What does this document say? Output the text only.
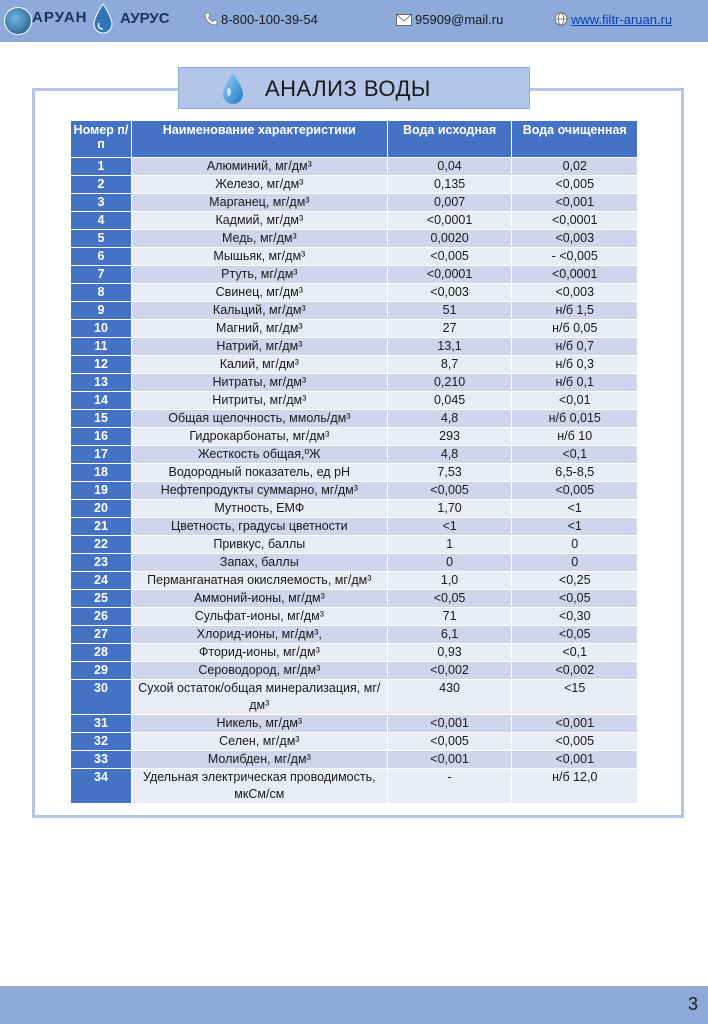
АРУАН АУРУС	8-800-100-39-54	95909@mail.ru	www.filtr-aruan.ru
АНАЛИЗ ВОДЫ
Номер п/п	Наименование характеристики	Вода исходная	Вода очищенная
1	Алюминий, мг/дм³	0,04	0,02
2	Железо, мг/дм³	0,135	<0,005
3	Марганец, мг/дм³	0,007	<0,001
4	Кадмий, мг/дм³	<0,0001	<0,0001
5	Медь, мг/дм³	0,0020	<0,003
6	Мышьяк, мг/дм³	<0,005	- <0,005
7	Ртуть, мг/дм³	<0,0001	<0,0001
8	Свинец, мг/дм³	<0,003	<0,003
9	Кальций, мг/дм³	51	н/б 1,5
10	Магний, мг/дм³	27	н/б 0,05
11	Натрий, мг/дм³	13,1	н/б 0,7
12	Калий, мг/дм³	8,7	н/б 0,3
13	Нитраты, мг/дм³	0,210	н/б 0,1
14	Нитриты, мг/дм³	0,045	<0,01
15	Общая щелочность, ммоль/дм³	4,8	н/б 0,015
16	Гидрокарбонаты, мг/дм³	293	н/б 10
17	Жесткость общая,ºЖ	4,8	<0,1
18	Водородный показатель, ед pH	7,53	6,5-8,5
19	Нефтепродукты суммарно, мг/дм³	<0,005	<0,005
20	Мутность, ЕМФ	1,70	<1
21	Цветность, градусы цветности	<1	<1
22	Привкус, баллы	1	0
23	Запах, баллы	0	0
24	Перманганатная окисляемость, мг/дм³	1,0	<0,25
25	Аммоний-ионы, мг/дм³	<0,05	<0,05
26	Сульфат-ионы, мг/дм³	71	<0,30
27	Хлорид-ионы, мг/дм³,	6,1	<0,05
28	Фторид-ионы, мг/дм³	0,93	<0,1
29	Сероводород, мг/дм³	<0,002	<0,002
30	Сухой остаток/общая минерализация, мг/дм³	430	<15
31	Никель, мг/дм³	<0,001	<0,001
32	Селен, мг/дм³	<0,005	<0,005
33	Молибден, мг/дм³	<0,001	<0,001
34	Удельная электрическая проводимость, мкСм/см	-	н/б 12,0
3
